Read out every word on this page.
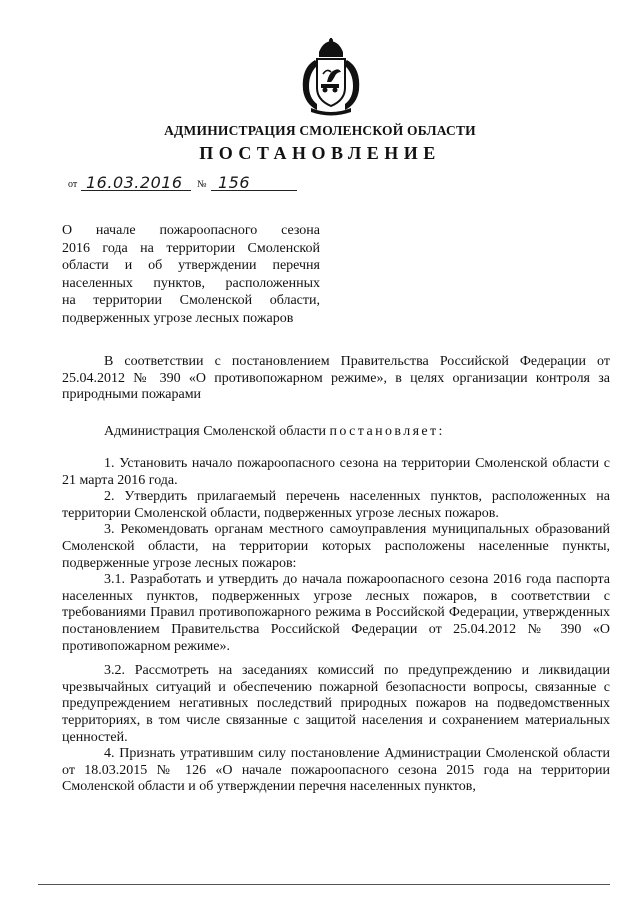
АДМИНИСТРАЦИЯ СМОЛЕНСКОЙ ОБЛАСТИ
ПОСТАНОВЛЕНИЕ
от 16.03.2016 № 156
О начале пожароопасного сезона
2016 года на территории Смоленской
области и об утверждении перечня
населенных пунктов, расположенных
на территории Смоленской области,
подверженных угрозе лесных пожаров

В соответствии с постановлением Правительства Российской Федерации от 25.04.2012 № 390 «О противопожарном режиме», в целях организации контроля за природными пожарами

Администрация Смоленской области постановляет:

1. Установить начало пожароопасного сезона на территории Смоленской области с 21 марта 2016 года.

2. Утвердить прилагаемый перечень населенных пунктов, расположенных на территории Смоленской области, подверженных угрозе лесных пожаров.

3. Рекомендовать органам местного самоуправления муниципальных образований Смоленской области, на территории которых расположены населенные пункты, подверженные угрозе лесных пожаров:

3.1. Разработать и утвердить до начала пожароопасного сезона 2016 года паспорта населенных пунктов, подверженных угрозе лесных пожаров, в соответствии с требованиями Правил противопожарного режима в Российской Федерации, утвержденных постановлением Правительства Российской Федерации от 25.04.2012 № 390 «О противопожарном режиме».

3.2. Рассмотреть на заседаниях комиссий по предупреждению и ликвидации чрезвычайных ситуаций и обеспечению пожарной безопасности вопросы, связанные с предупреждением негативных последствий природных пожаров на подведомственных территориях, в том числе связанные с защитой населения и сохранением материальных ценностей.

4. Признать утратившим силу постановление Администрации Смоленской области от 18.03.2015 № 126 «О начале пожароопасного сезона 2015 года на территории Смоленской области и об утверждении перечня населенных пунктов,
